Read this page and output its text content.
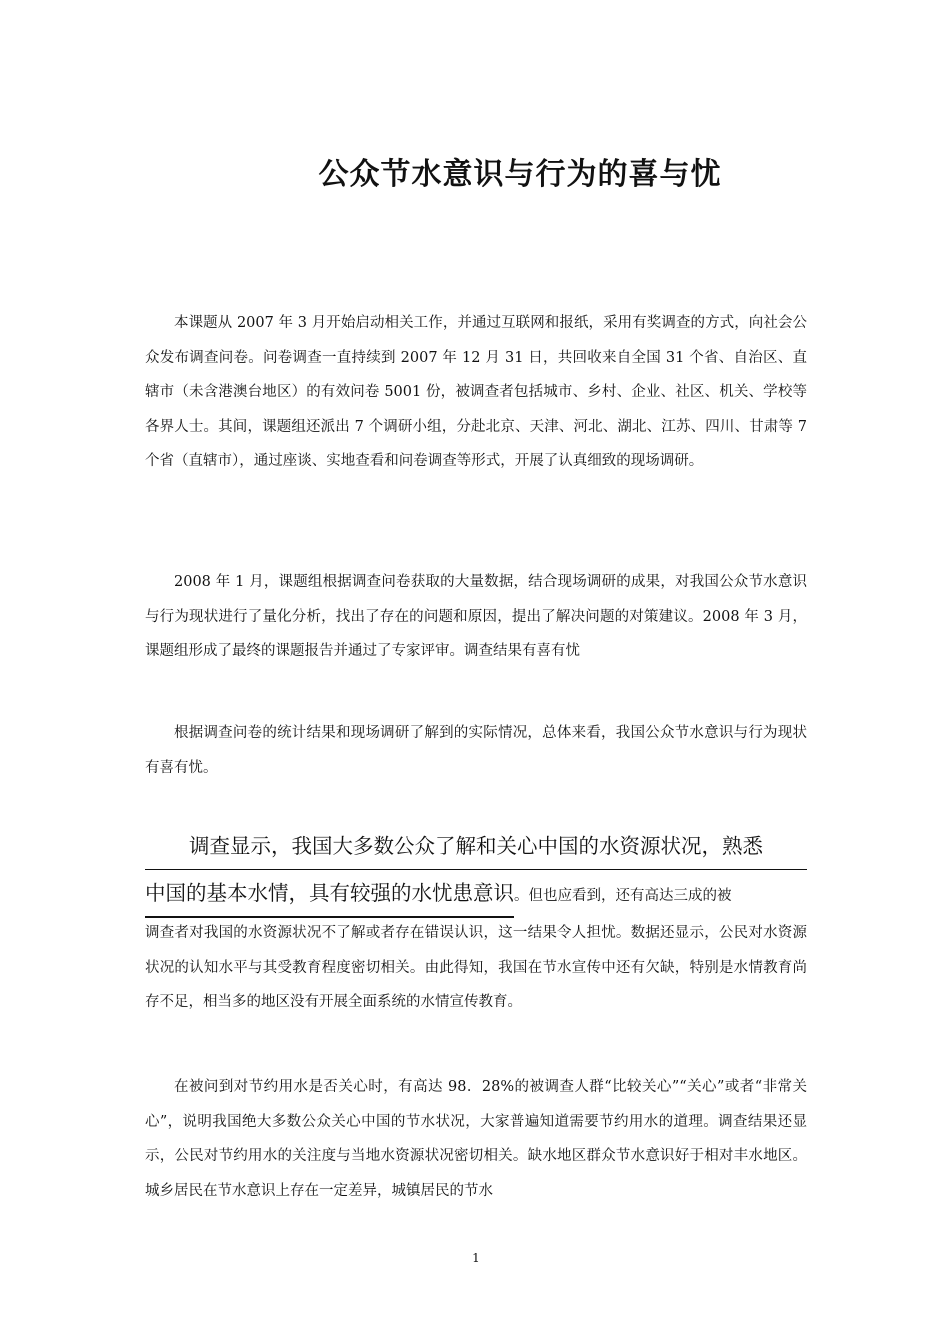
公众节水意识与行为的喜与忧

本课题从 2007 年 3 月开始启动相关工作，并通过互联网和报纸，采用有奖调查的方式，向社会公众发布调查问卷。问卷调查一直持续到 2007 年 12 月 31 日，共回收来自全国 31 个省、自治区、直辖市（未含港澳台地区）的有效问卷 5001 份，被调查者包括城市、乡村、企业、社区、机关、学校等各界人士。其间，课题组还派出 7 个调研小组，分赴北京、天津、河北、湖北、江苏、四川、甘肃等 7 个省（直辖市），通过座谈、实地查看和问卷调查等形式，开展了认真细致的现场调研。

2008 年 1 月，课题组根据调查问卷获取的大量数据，结合现场调研的成果，对我国公众节水意识与行为现状进行了量化分析，找出了存在的问题和原因，提出了解决问题的对策建议。2008 年 3 月，课题组形成了最终的课题报告并通过了专家评审。调查结果有喜有忧

根据调查问卷的统计结果和现场调研了解到的实际情况，总体来看，我国公众节水意识与行为现状有喜有忧。

调查显示，我国大多数公众了解和关心中国的水资源状况，熟悉
中国的基本水情，具有较强的水忧患意识。但也应看到，还有高达三成的被
调查者对我国的水资源状况不了解或者存在错误认识，这一结果令人担忧。数据还显示，公民对水资源状况的认知水平与其受教育程度密切相关。由此得知，我国在节水宣传中还有欠缺，特别是水情教育尚存不足，相当多的地区没有开展全面系统的水情宣传教育。

在被问到对节约用水是否关心时，有高达 98．28%的被调查人群“比较关心”“关心”或者“非常关心”，说明我国绝大多数公众关心中国的节水状况，大家普遍知道需要节约用水的道理。调查结果还显示，公民对节约用水的关注度与当地水资源状况密切相关。缺水地区群众节水意识好于相对丰水地区。城乡居民在节水意识上存在一定差异，城镇居民的节水

1
